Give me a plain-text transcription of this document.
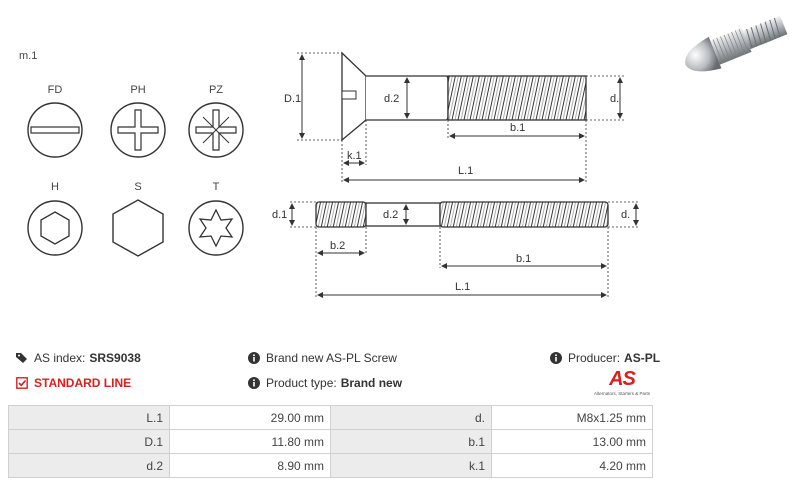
m.1
FD	PH	PZ
H	S	T
D.1	d.2	d.
b.1
k.1
L.1
d.1	d.2	d.
b.2
b.1
L.1
AS index: SRS9038
STANDARD LINE
Brand new AS-PL Screw
Product type: Brand new
Producer: AS-PL
AS
Alternators, Starters & Parts
L.1	29.00 mm	d.	M8x1.25 mm
D.1	11.80 mm	b.1	13.00 mm
d.2	8.90 mm	k.1	4.20 mm
